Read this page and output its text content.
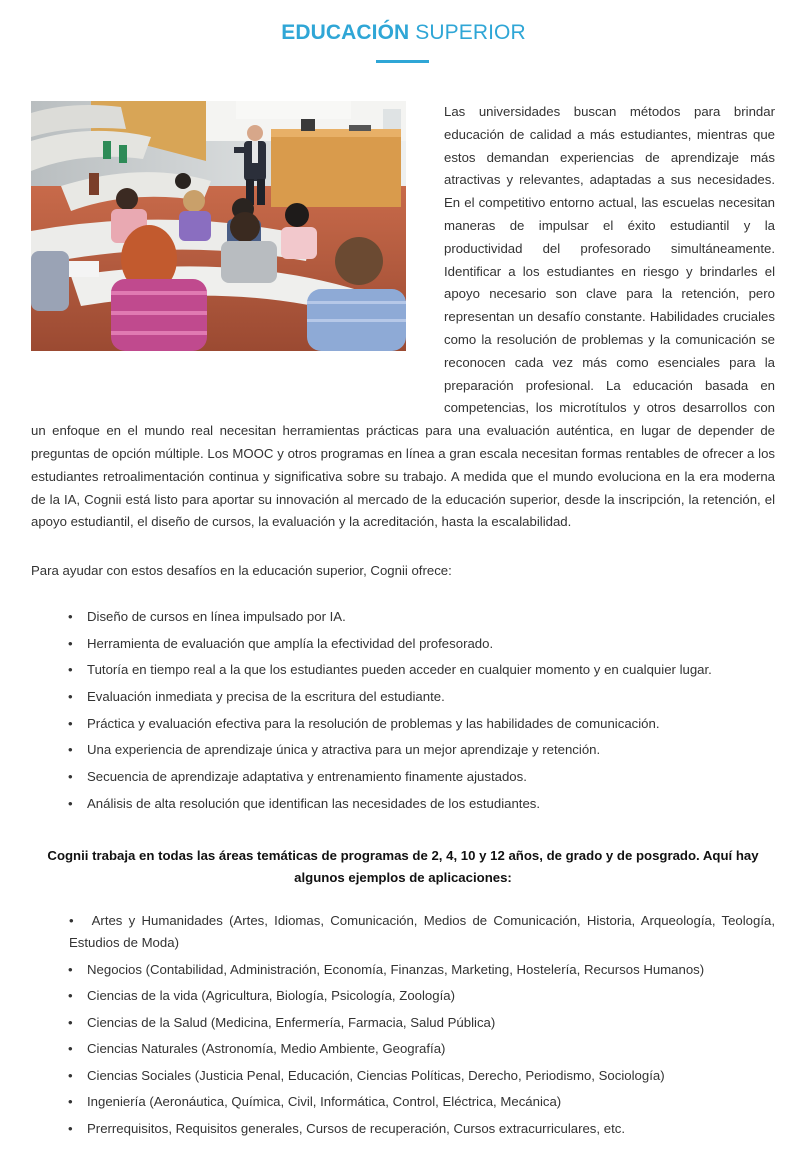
EDUCACIÓN SUPERIOR

Las universidades buscan métodos para brindar educación de calidad a más estudiantes, mientras que estos demandan experiencias de aprendizaje más atractivas y relevantes, adaptadas a sus necesidades. En el competitivo entorno actual, las escuelas necesitan maneras de impulsar el éxito estudiantil y la productividad del profesorado simultáneamente. Identificar a los estudiantes en riesgo y brindarles el apoyo necesario son clave para la retención, pero representan un desafío constante. Habilidades cruciales como la resolución de problemas y la comunicación se reconocen cada vez más como esenciales para la preparación profesional. La educación basada en competencias, los microtítulos y otros desarrollos con un enfoque en el mundo real necesitan herramientas prácticas para una evaluación auténtica, en lugar de depender de preguntas de opción múltiple. Los MOOC y otros programas en línea a gran escala necesitan formas rentables de ofrecer a los estudiantes retroalimentación continua y significativa sobre su trabajo. A medida que el mundo evoluciona en la era moderna de la IA, Cognii está listo para aportar su innovación al mercado de la educación superior, desde la inscripción, la retención, el apoyo estudiantil, el diseño de cursos, la evaluación y la acreditación, hasta la escalabilidad.

Para ayudar con estos desafíos en la educación superior, Cognii ofrece:

•	Diseño de cursos en línea impulsado por IA.
•	Herramienta de evaluación que amplía la efectividad del profesorado.
•	Tutoría en tiempo real a la que los estudiantes pueden acceder en cualquier momento y en cualquier lugar.
•	Evaluación inmediata y precisa de la escritura del estudiante.
•	Práctica y evaluación efectiva para la resolución de problemas y las habilidades de comunicación.
•	Una experiencia de aprendizaje única y atractiva para un mejor aprendizaje y retención.
•	Secuencia de aprendizaje adaptativa y entrenamiento finamente ajustados.
•	Análisis de alta resolución que identifican las necesidades de los estudiantes.

Cognii trabaja en todas las áreas temáticas de programas de 2, 4, 10 y 12 años, de grado y de posgrado. Aquí hay algunos ejemplos de aplicaciones:

• Artes y Humanidades (Artes, Idiomas, Comunicación, Medios de Comunicación, Historia, Arqueología, Teología, Estudios de Moda)
•	Negocios (Contabilidad, Administración, Economía, Finanzas, Marketing, Hostelería, Recursos Humanos)
•	Ciencias de la vida (Agricultura, Biología, Psicología, Zoología)
•	Ciencias de la Salud (Medicina, Enfermería, Farmacia, Salud Pública)
•	Ciencias Naturales (Astronomía, Medio Ambiente, Geografía)
•	Ciencias Sociales (Justicia Penal, Educación, Ciencias Políticas, Derecho, Periodismo, Sociología)
•	Ingeniería (Aeronáutica, Química, Civil, Informática, Control, Eléctrica, Mecánica)
•	Prerrequisitos, Requisitos generales, Cursos de recuperación, Cursos extracurriculares, etc.
